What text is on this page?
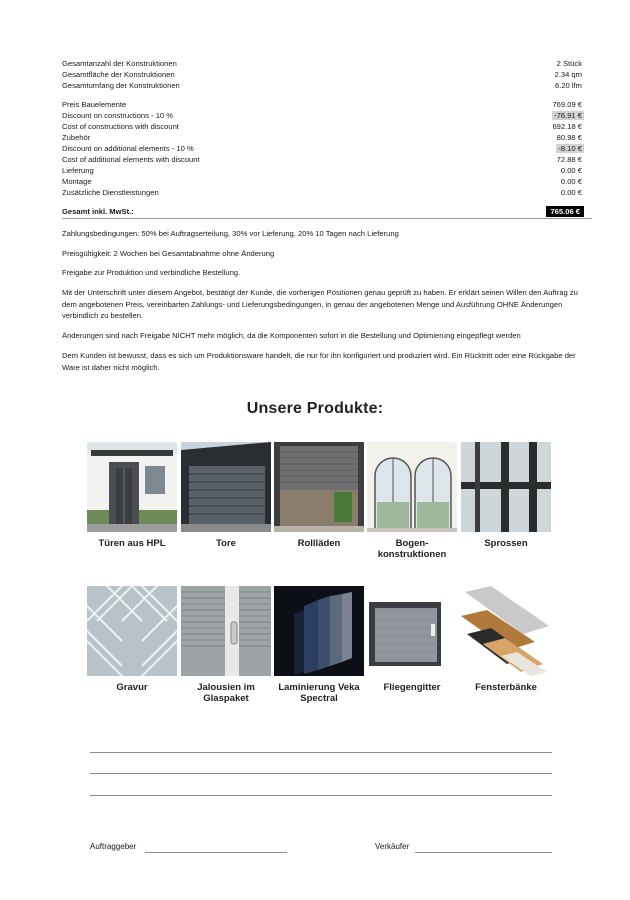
Gesamtanzahl der Konstruktionen	2 Stück
Gesamtfläche der Konstruktionen	2.34 qm
Gesamtumfang der Konstruktionen	6.20 lfm
Preis Bauelemente	769.09 €
Discount on constructions - 10 %	-76.91 €
Cost of constructions with discount	692.18 €
Zubehör	80.98 €
Discount on additional elements - 10 %	-8.10 €
Cost of additional elements with discount	72.88 €
Lieferung	0.00 €
Montage	0.00 €
Zusätzliche Dienstleistungen	0.00 €
Gesamt inkl. MwSt.:	765.06 €

Zahlungsbedingungen: 50% bei Auftragserteilung, 30% vor Lieferung, 20% 10 Tagen nach Lieferung

Preisgültigkeit: 2 Wochen bei Gesamtabnahme ohne Änderung

Freigabe zur Produktion und verbindliche Bestellung.

Mit der Unterschrift unter diesem Angebot, bestätigt der Kunde, die vorherigen Positionen genau geprüft zu haben. Er erklärt seinen Willen den Auftrag zu dem angebotenen Preis, vereinbarten Zahlungs- und Lieferungsbedingungen, in genau der angebotenen Menge und Ausführung OHNE Änderungen verbindlich zu bestellen.

Änderungen sind nach Freigabe NICHT mehr möglich, da die Komponenten sofort in die Bestellung und Optimierung eingepflegt werden

Dem Kunden ist bewusst, dass es sich um Produktionsware handelt, die nur für ihn konfiguriert und produziert wird. Ein Rücktritt oder eine Rückgabe der Ware ist daher nicht möglich.

Unsere Produkte:
Türen aus HPL	Tore	Rollläden	Bogen-
konstruktionen
Sprossen
Gravur	Jalousien im
Glaspaket
Laminierung Veka
Spectral
Fliegengitter	Fensterbänke
Auftraggeber	Verkäufer
